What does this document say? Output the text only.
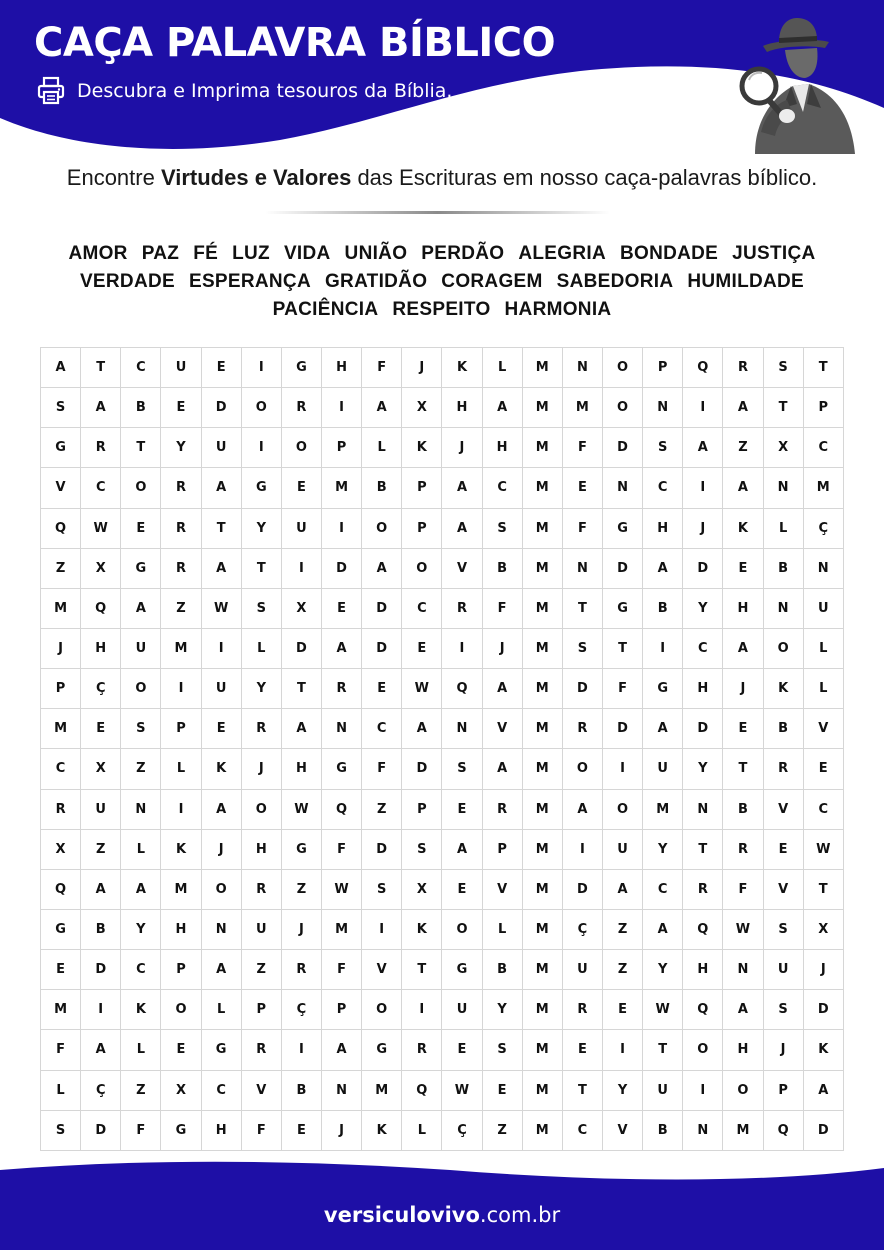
CAÇA PALAVRA BÍBLICO
Descubra e Imprima tesouros da Bíblia.
Encontre Virtudes e Valores das Escrituras em nosso caça-palavras bíblico.
AMOR PAZ FÉ LUZ VIDA UNIÃO PERDÃO ALEGRIA BONDADE JUSTIÇA
VERDADE ESPERANÇA GRATIDÃO CORAGEM SABEDORIA HUMILDADE
PACIÊNCIA RESPEITO HARMONIA
A	T	C	U	E	I	G	H	F	J	K	L	M	N	O	P	Q	R	S	T
S	A	B	E	D	O	R	I	A	X	H	A	M	M	O	N	I	A	T	P
G	R	T	Y	U	I	O	P	L	K	J	H	M	F	D	S	A	Z	X	C
V	C	O	R	A	G	E	M	B	P	A	C	M	E	N	C	I	A	N	M
Q	W	E	R	T	Y	U	I	O	P	A	S	M	F	G	H	J	K	L	Ç
Z	X	G	R	A	T	I	D	A	O	V	B	M	N	D	A	D	E	B	N
M	Q	A	Z	W	S	X	E	D	C	R	F	M	T	G	B	Y	H	N	U
J	H	U	M	I	L	D	A	D	E	I	J	M	S	T	I	C	A	O	L
P	Ç	O	I	U	Y	T	R	E	W	Q	A	M	D	F	G	H	J	K	L
M	E	S	P	E	R	A	N	C	A	N	V	M	R	D	A	D	E	B	V
C	X	Z	L	K	J	H	G	F	D	S	A	M	O	I	U	Y	T	R	E
R	U	N	I	A	O	W	Q	Z	P	E	R	M	A	O	M	N	B	V	C
X	Z	L	K	J	H	G	F	D	S	A	P	M	I	U	Y	T	R	E	W
Q	A	A	M	O	R	Z	W	S	X	E	V	M	D	A	C	R	F	V	T
G	B	Y	H	N	U	J	M	I	K	O	L	M	Ç	Z	A	Q	W	S	X
E	D	C	P	A	Z	R	F	V	T	G	B	M	U	Z	Y	H	N	U	J
M	I	K	O	L	P	Ç	P	O	I	U	Y	M	R	E	W	Q	A	S	D
F	A	L	E	G	R	I	A	G	R	E	S	M	E	I	T	O	H	J	K
L	Ç	Z	X	C	V	B	N	M	Q	W	E	M	T	Y	U	I	O	P	A
S	D	F	G	H	F	E	J	K	L	Ç	Z	M	C	V	B	N	M	Q	D
versiculovivo.com.br
